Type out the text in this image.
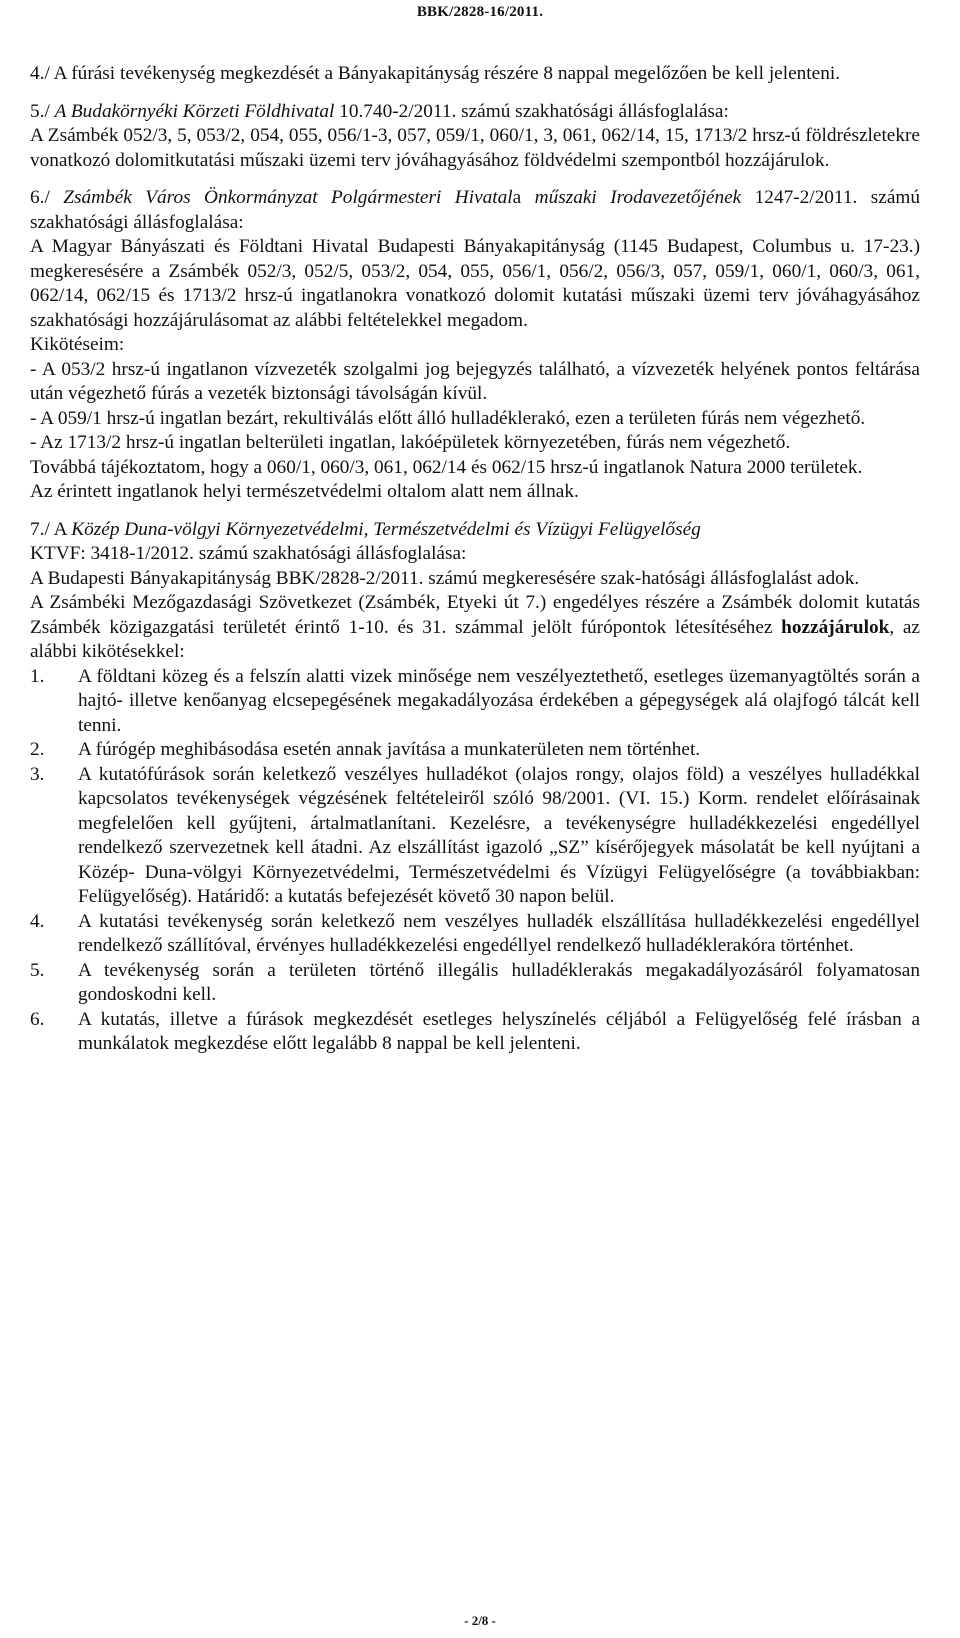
BBK/2828-16/2011.

4./ A fúrási tevékenység megkezdését a Bányakapitányság részére 8 nappal megelőzően be kell jelenteni.

5./ A Budakörnyéki Körzeti Földhivatal 10.740-2/2011. számú szakhatósági állásfoglalása:

A Zsámbék 052/3, 5, 053/2, 054, 055, 056/1-3, 057, 059/1, 060/1, 3, 061, 062/14, 15, 1713/2 hrsz-ú földrészletekre vonatkozó dolomitkutatási műszaki üzemi terv jóváhagyásához földvédelmi szempontból hozzájárulok.

6./ Zsámbék Város Önkormányzat Polgármesteri Hivatala műszaki Irodavezetőjének 1247-2/2011. számú szakhatósági állásfoglalása:

A Magyar Bányászati és Földtani Hivatal Budapesti Bányakapitányság (1145 Budapest, Columbus u. 17-23.) megkeresésére a Zsámbék 052/3, 052/5, 053/2, 054, 055, 056/1, 056/2, 056/3, 057, 059/1, 060/1, 060/3, 061, 062/14, 062/15 és 1713/2 hrsz-ú ingatlanokra vonatkozó dolomit kutatási műszaki üzemi terv jóváhagyásához szakhatósági hozzájárulásomat az alábbi feltételekkel megadom.

Kikötéseim:

- A 053/2 hrsz-ú ingatlanon vízvezeték szolgalmi jog bejegyzés található, a vízvezeték helyének pontos feltárása után végezhető fúrás a vezeték biztonsági távolságán kívül.

- A 059/1 hrsz-ú ingatlan bezárt, rekultiválás előtt álló hulladéklerakó, ezen a területen fúrás nem végezhető.

- Az 1713/2 hrsz-ú ingatlan belterületi ingatlan, lakóépületek környezetében, fúrás nem végezhető.

Továbbá tájékoztatom, hogy a 060/1, 060/3, 061, 062/14 és 062/15 hrsz-ú ingatlanok Natura 2000 területek.

Az érintett ingatlanok helyi természetvédelmi oltalom alatt nem állnak.

7./ A Közép Duna-völgyi Környezetvédelmi, Természetvédelmi és Vízügyi Felügyelőség

KTVF: 3418-1/2012. számú szakhatósági állásfoglalása:

A Budapesti Bányakapitányság BBK/2828-2/2011. számú megkeresésére szak-hatósági állásfoglalást adok.

A Zsámbéki Mezőgazdasági Szövetkezet (Zsámbék, Etyeki út 7.) engedélyes részére a Zsámbék dolomit kutatás Zsámbék közigazgatási területét érintő 1-10. és 31. számmal jelölt fúrópontok létesítéséhez hozzájárulok, az alábbi kikötésekkel:

1.	A földtani közeg és a felszín alatti vizek minősége nem veszélyeztethető, esetleges üzemanyagtöltés során a hajtó- illetve kenőanyag elcsepegésének megakadályozása érdekében a gépegységek alá olajfogó tálcát kell tenni.
2.	A fúrógép meghibásodása esetén annak javítása a munkaterületen nem történhet.
3.	A kutatófúrások során keletkező veszélyes hulladékot (olajos rongy, olajos föld) a veszélyes hulladékkal kapcsolatos tevékenységek végzésének feltételeiről szóló 98/2001. (VI. 15.) Korm. rendelet előírásainak megfelelően kell gyűjteni, ártalmatlanítani. Kezelésre, a tevékenységre hulladékkezelési engedéllyel rendelkező szervezetnek kell átadni. Az elszállítást igazoló „SZ” kísérőjegyek másolatát be kell nyújtani a Közép- Duna-völgyi Környezetvédelmi, Természetvédelmi és Vízügyi Felügyelőségre (a továbbiakban: Felügyelőség). Határidő: a kutatás befejezését követő 30 napon belül.
4.	A kutatási tevékenység során keletkező nem veszélyes hulladék elszállítása hulladékkezelési engedéllyel rendelkező szállítóval, érvényes hulladékkezelési engedéllyel rendelkező hulladéklerakóra történhet.
5.	A tevékenység során a területen történő illegális hulladéklerakás megakadályozásáról folyamatosan gondoskodni kell.
6.	A kutatás, illetve a fúrások megkezdését esetleges helyszínelés céljából a Felügyelőség felé írásban a munkálatok megkezdése előtt legalább 8 nappal be kell jelenteni.
- 2/8 -
